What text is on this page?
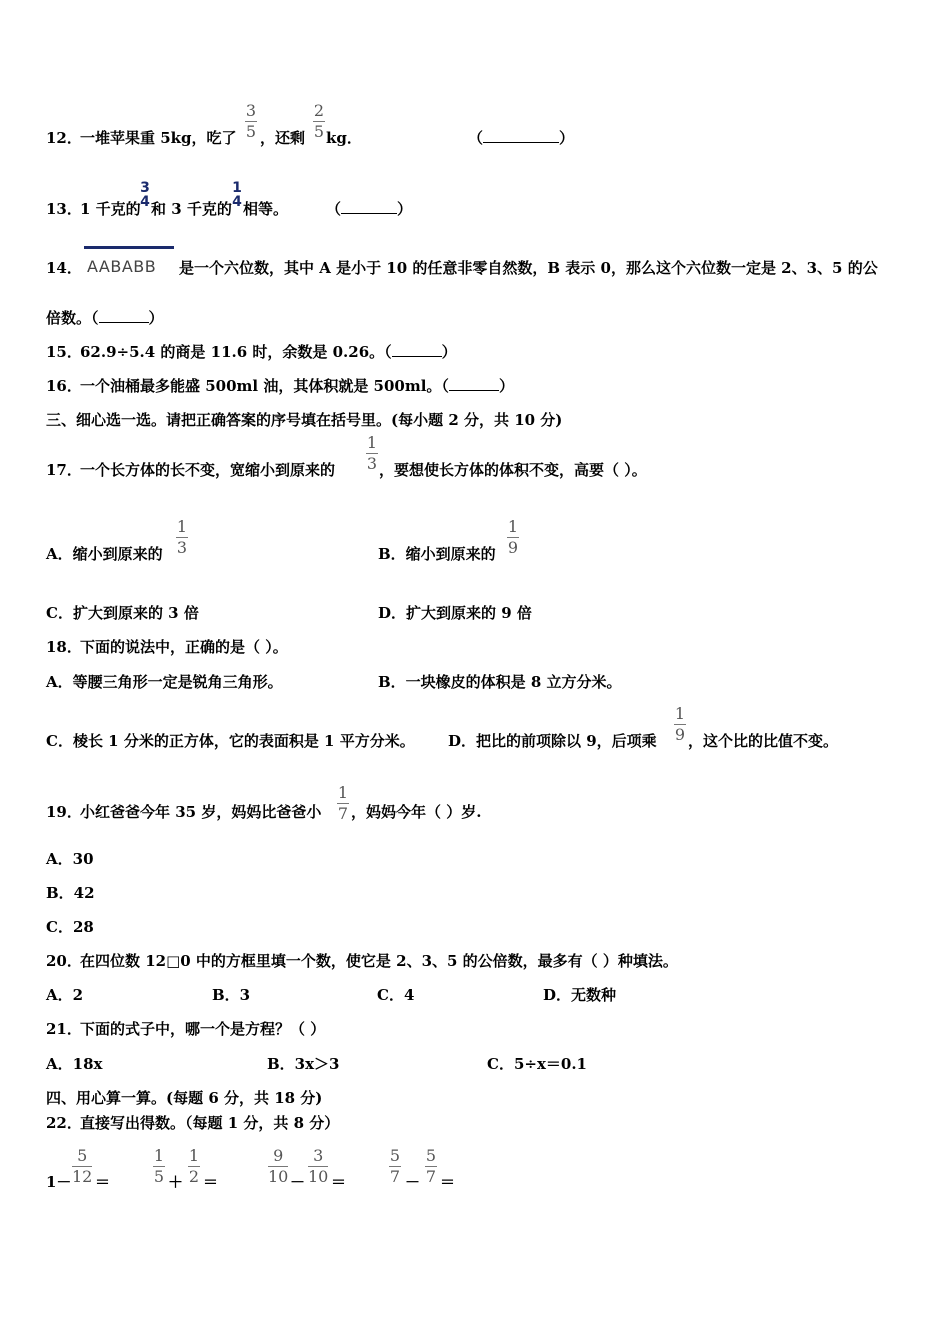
12．
一堆苹果重 5kg，吃了
3
5 ，还剩
2
5 kg．	（	）
13．
1 千克的
3
4 和 3 千克的
1
4 相等。	（	）
14． AABABB 是一个六位数，其中 A 是小于 10 的任意非零自然数，B 表示 0，那么这个六位数一定是 2、3、5 的公
倍数。（	）
15．
62.9÷5.4 的商是 11.6 时，余数是 0.26。（	）
16．
一个油桶最多能盛 500ml 油，其体积就是 500ml。（	）
三、细心选一选。请把正确答案的序号填在括号里。(每小题 2 分，共 10 分)
17．
一个长方体的长不变，宽缩小到原来的
1
3 ，要想使长方体的体积不变，高要（ ）。
A．缩小到原来的
1
3	B．缩小到原来的
1
9
C．扩大到原来的 3 倍	D．扩大到原来的 9 倍
18．
下面的说法中，正确的是（ ）。
A．等腰三角形一定是锐角三角形。	B．一块橡皮的体积是 8 立方分米。
C．棱长 1 分米的正方体，它的表面积是 1 平方分米。 D．把比的前项除以 9，后项乘
1
9 ，这个比的比值不变。
19．
小红爸爸今年 35 岁，妈妈比爸爸小
1
7 ，妈妈今年（ ）岁.
A．30
B．42
C．28
20．
在四位数 12□0 中的方框里填一个数，使它是 2、3、5 的公倍数，最多有（ ）种填法。
A．2	B．3	C．4	D．无数种
21．
下面的式子中，哪一个是方程？（ ）
A．18x	B．3x＞3	C．5÷x＝0.1
四、用心算一算。(每题 6 分，共 18 分)
22．
直接写出得数。（每题 1 分，共 8 分）
1－
5
12 ＝
1
5 ＋
1
2 ＝
9
10 －
3
10 ＝
5
7 －
5
7 ＝
